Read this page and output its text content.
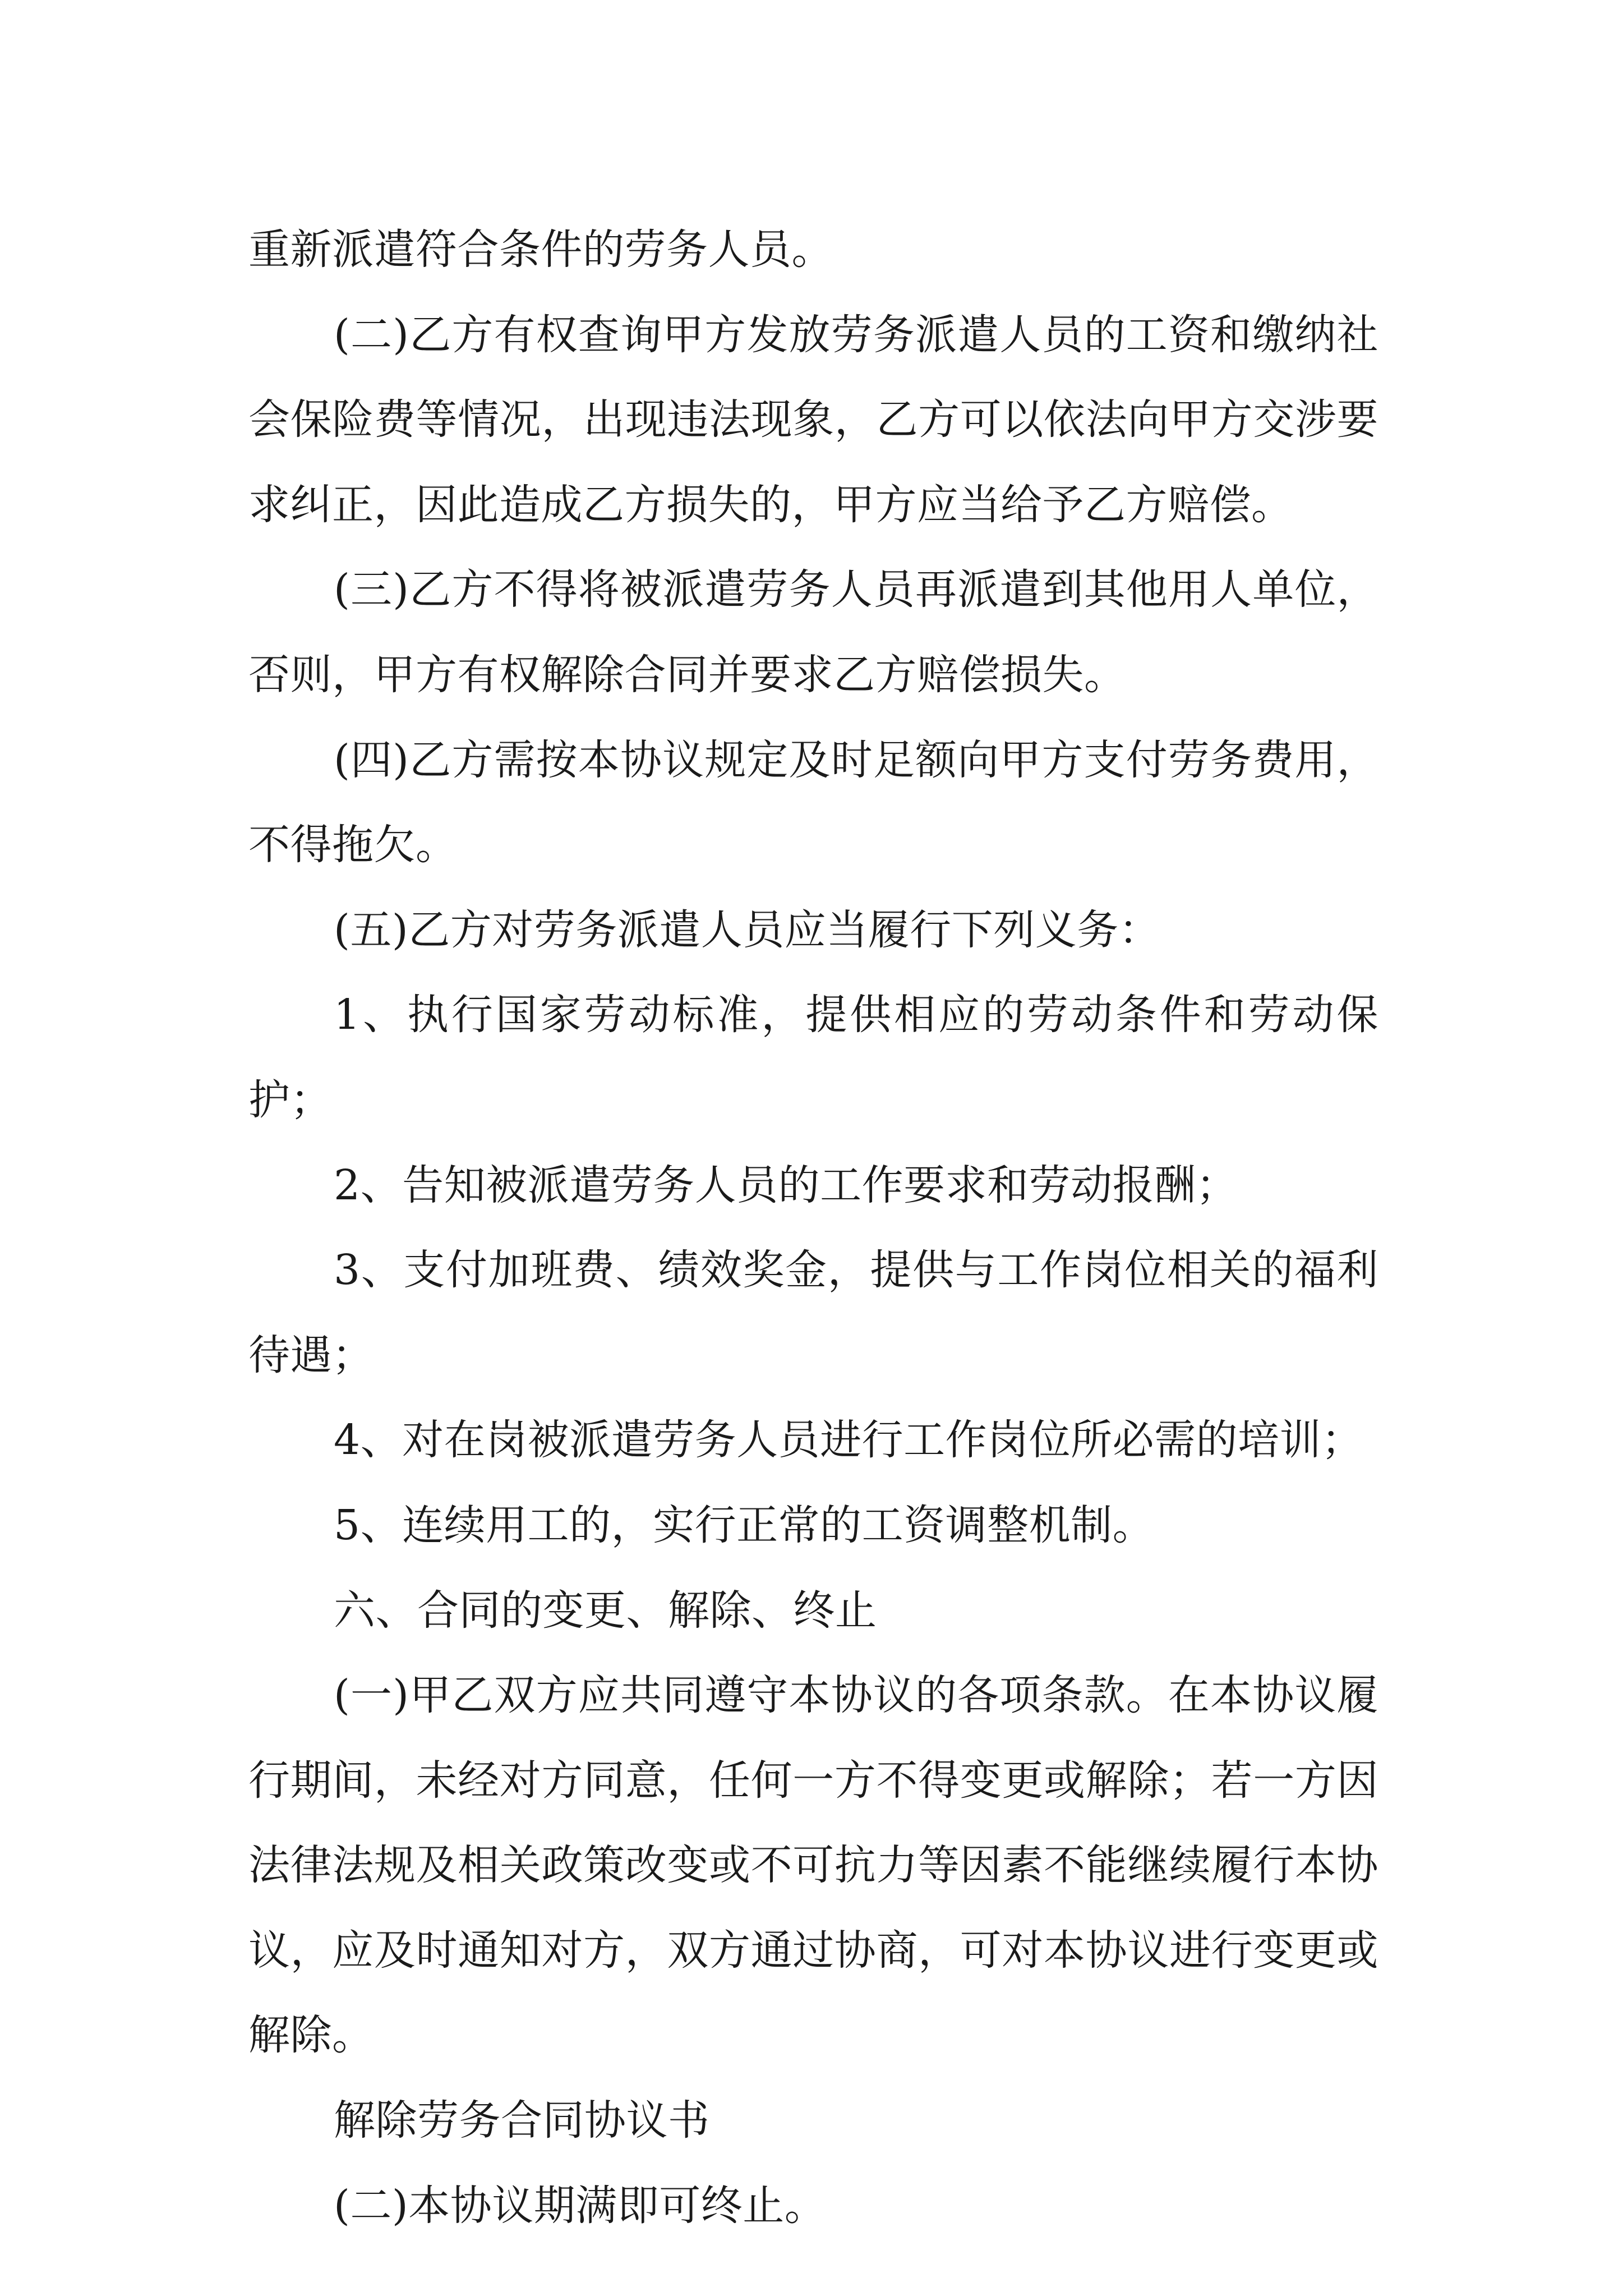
重新派遣符合条件的劳务人员。

(二)乙方有权查询甲方发放劳务派遣人员的工资和缴纳社会保险费等情况，出现违法现象，乙方可以依法向甲方交涉要求纠正，因此造成乙方损失的，甲方应当给予乙方赔偿。

(三)乙方不得将被派遣劳务人员再派遣到其他用人单位，否则，甲方有权解除合同并要求乙方赔偿损失。

(四)乙方需按本协议规定及时足额向甲方支付劳务费用，不得拖欠。

(五)乙方对劳务派遣人员应当履行下列义务：

1、执行国家劳动标准，提供相应的劳动条件和劳动保护；

2、告知被派遣劳务人员的工作要求和劳动报酬；

3、支付加班费、绩效奖金，提供与工作岗位相关的福利待遇；

4、对在岗被派遣劳务人员进行工作岗位所必需的培训；

5、连续用工的，实行正常的工资调整机制。

六、合同的变更、解除、终止

(一)甲乙双方应共同遵守本协议的各项条款。在本协议履行期间，未经对方同意，任何一方不得变更或解除；若一方因法律法规及相关政策改变或不可抗力等因素不能继续履行本协议，应及时通知对方，双方通过协商，可对本协议进行变更或解除。

解除劳务合同协议书

(二)本协议期满即可终止。
